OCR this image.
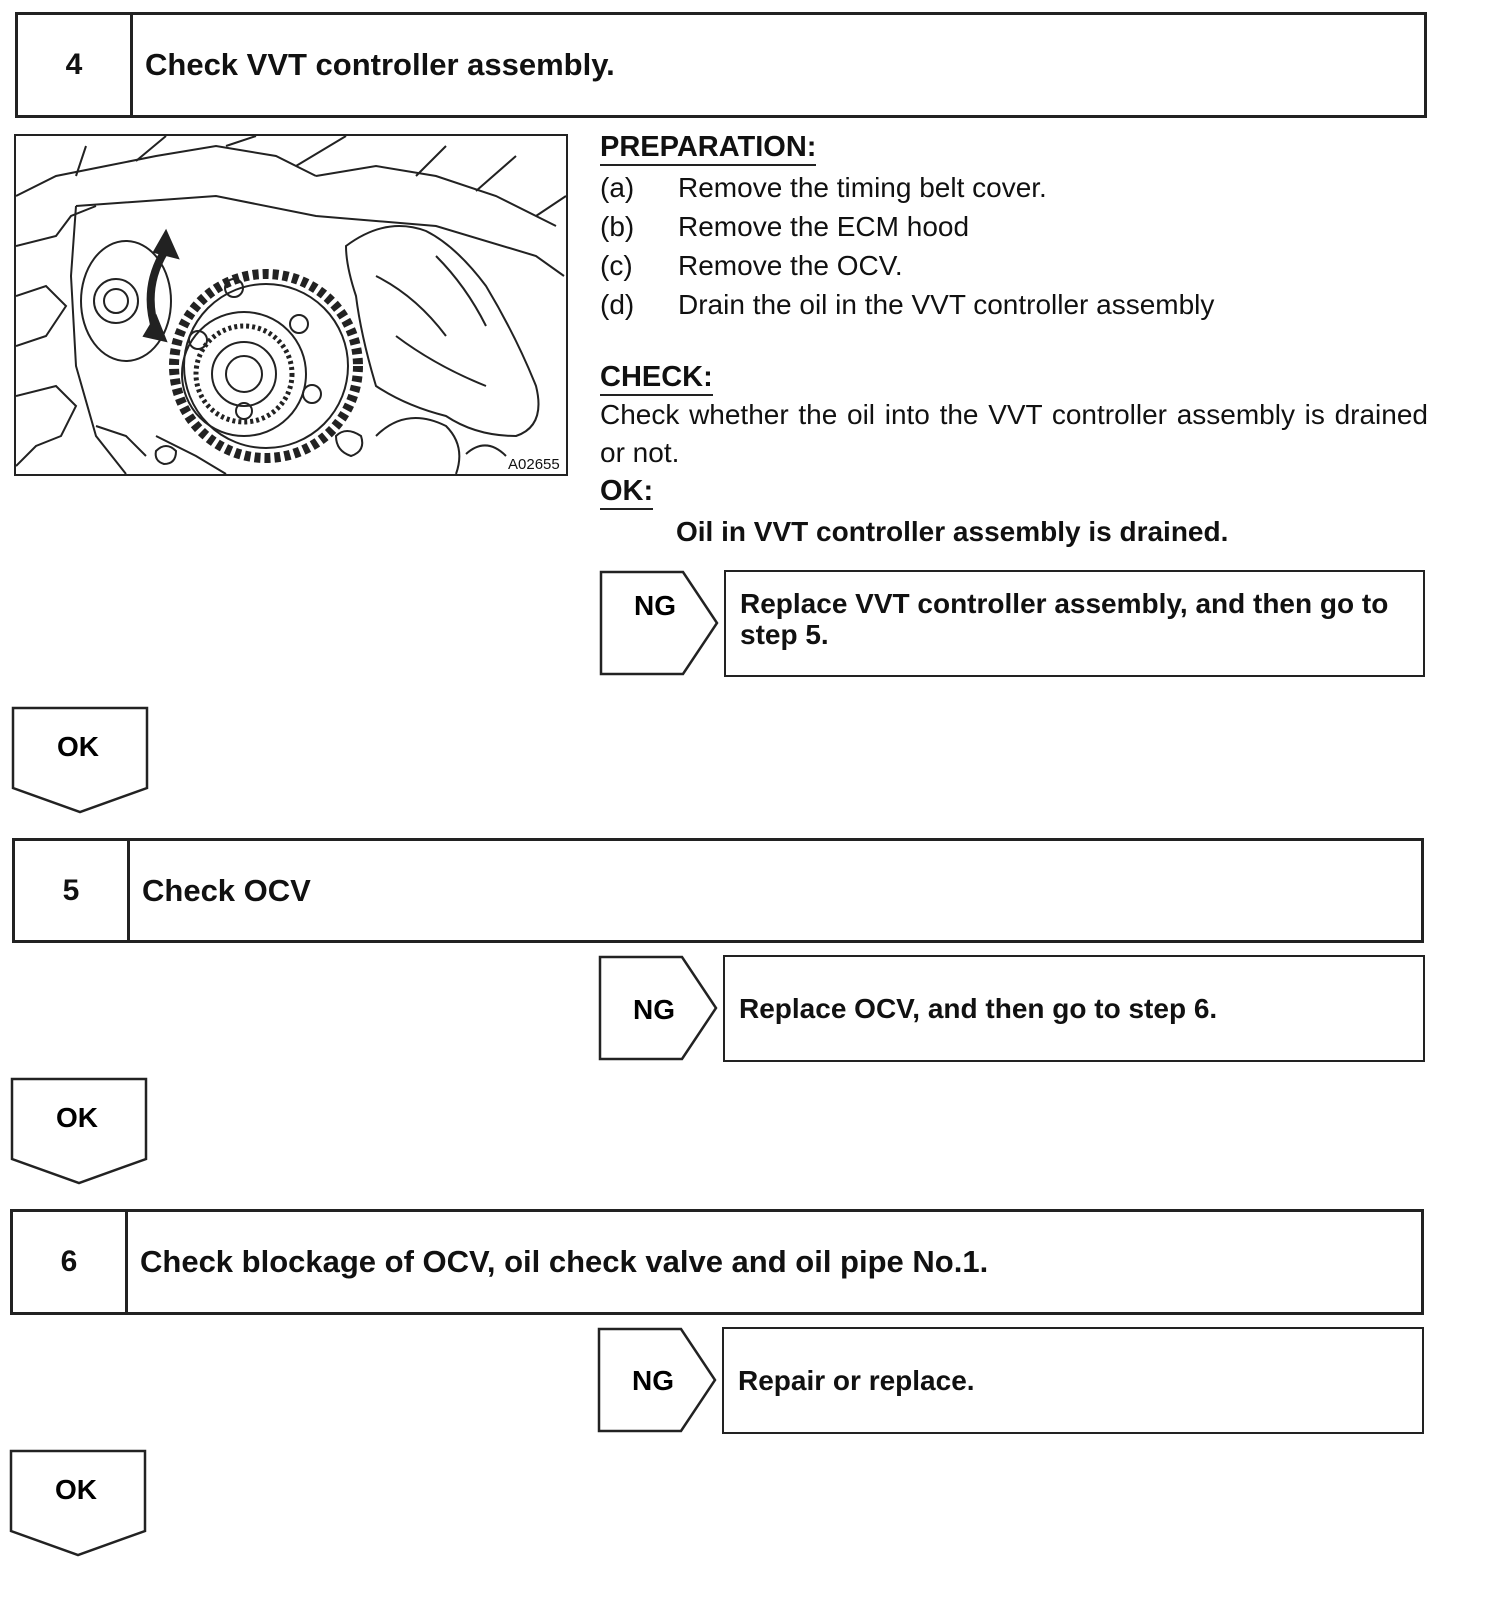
4	Check VVT controller assembly.
A02655
PREPARATION:
(a)	Remove the timing belt cover.
(b)	Remove the ECM hood
(c)	Remove the OCV.
(d)	Drain the oil in the VVT controller assembly
CHECK:
Check whether the oil into the VVT controller assembly is drained or not.
OK:
Oil in VVT controller assembly is drained.
NG	Replace VVT controller assembly, and then go to step 5.
OK
5	Check OCV
NG	Replace OCV, and then go to step 6.
OK
6	Check blockage of OCV, oil check valve and oil pipe No.1.
NG	Repair or replace.
OK
